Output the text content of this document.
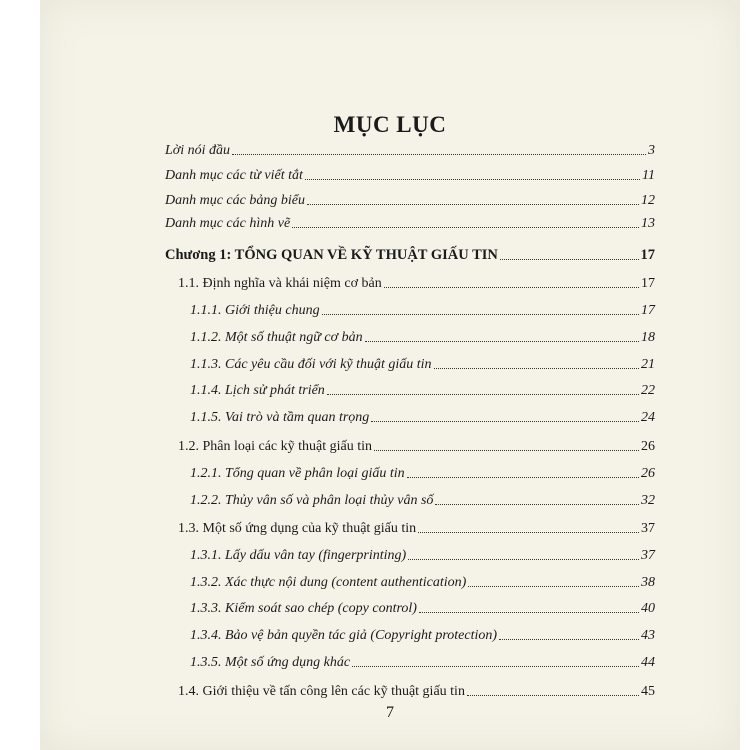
MỤC LỤC
Lời nói đầu	3
Danh mục các từ viết tắt	11
Danh mục các bảng biểu	12
Danh mục các hình vẽ	13
Chương 1: TỔNG QUAN VỀ KỸ THUẬT GIẤU TIN	17
1.1. Định nghĩa và khái niệm cơ bản	17
1.1.1. Giới thiệu chung	17
1.1.2. Một số thuật ngữ cơ bản	18
1.1.3. Các yêu cầu đối với kỹ thuật giấu tin	21
1.1.4. Lịch sử phát triển	22
1.1.5. Vai trò và tầm quan trọng	24
1.2. Phân loại các kỹ thuật giấu tin	26
1.2.1. Tổng quan về phân loại giấu tin	26
1.2.2. Thủy vân số và phân loại thủy vân số	32
1.3. Một số ứng dụng của kỹ thuật giấu tin	37
1.3.1. Lấy dấu vân tay (fingerprinting)	37
1.3.2. Xác thực nội dung (content authentication)	38
1.3.3. Kiểm soát sao chép (copy control)	40
1.3.4. Bảo vệ bản quyền tác giả (Copyright protection)	43
1.3.5. Một số ứng dụng khác	44
1.4. Giới thiệu về tấn công lên các kỹ thuật giấu tin	45
7
